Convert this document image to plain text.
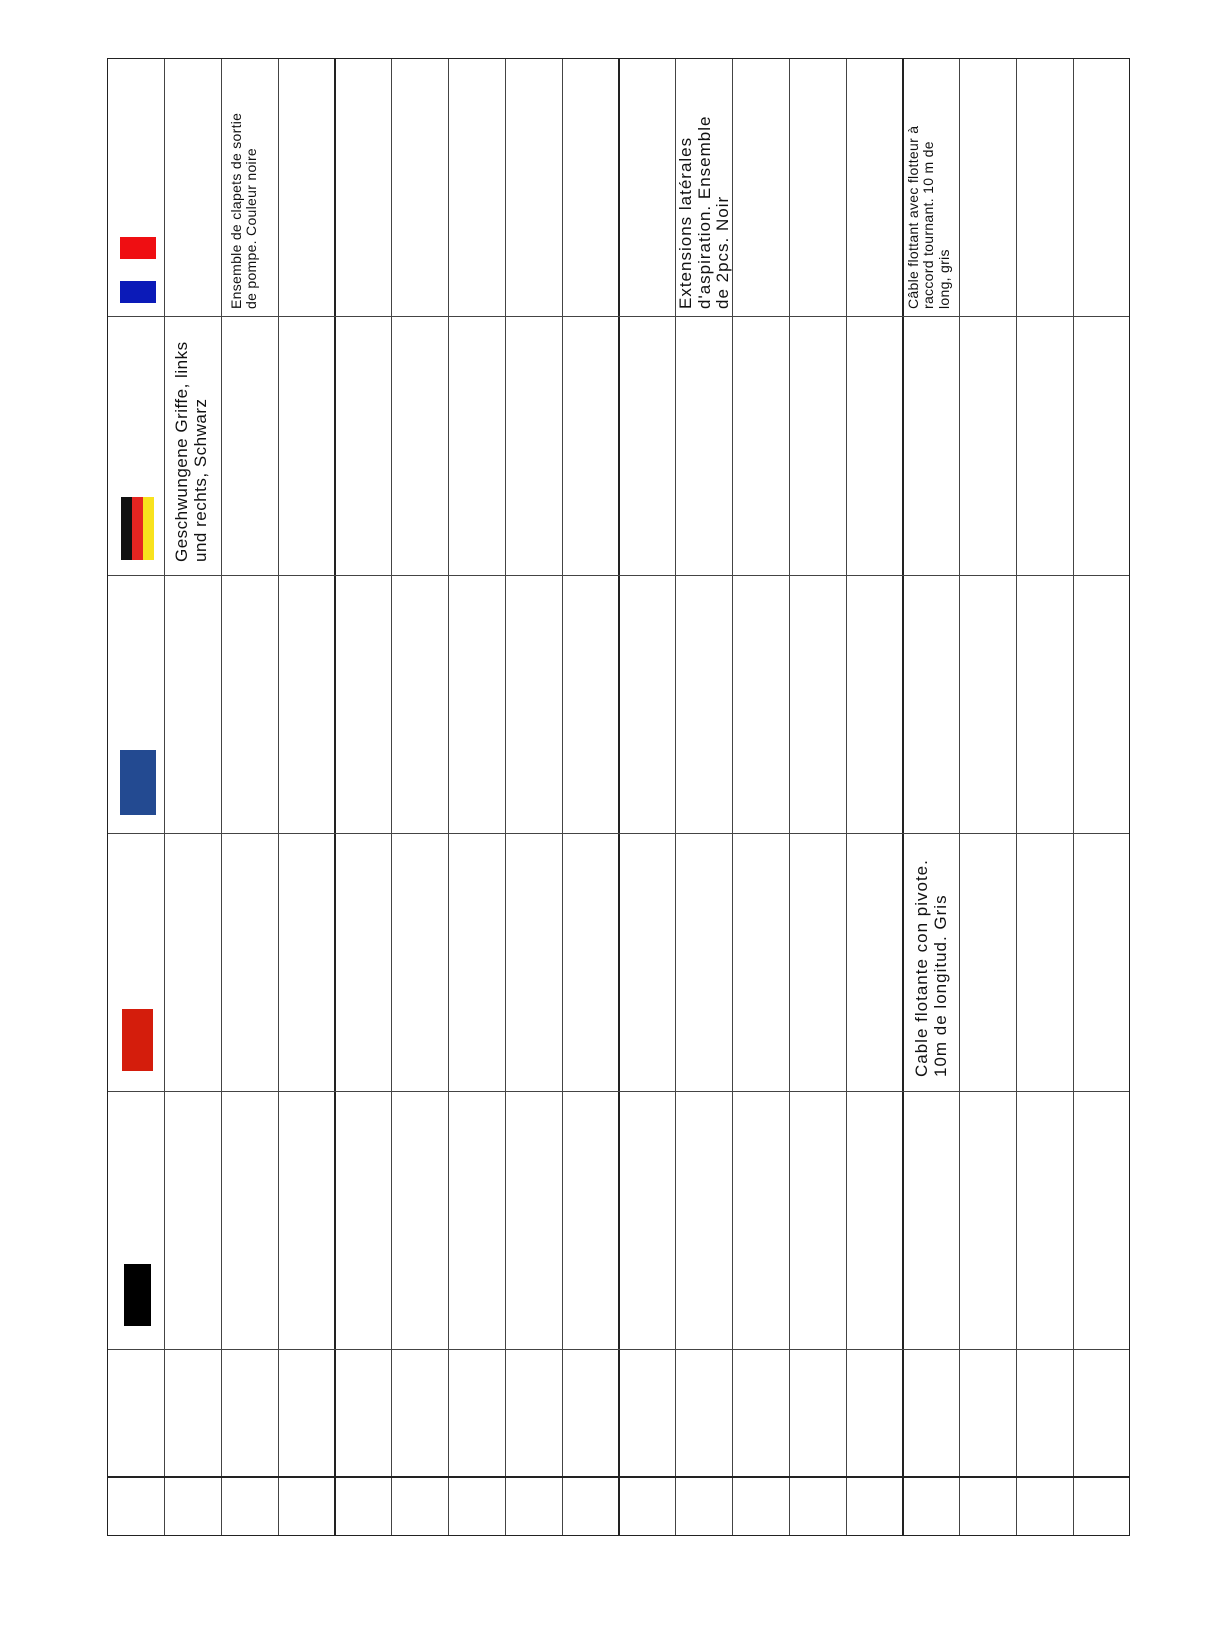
Geschwungene Griffe, links
und rechts, Schwarz
Ensemble de clapets de sortie
de pompe. Couleur noire
Extensions latérales
d'aspiration. Ensemble
de 2pcs. Noir
Cable flotante con pivote.
10m de longitud. Gris
Câble flottant avec flotteur à
raccord tournant. 10 m de
long, gris
